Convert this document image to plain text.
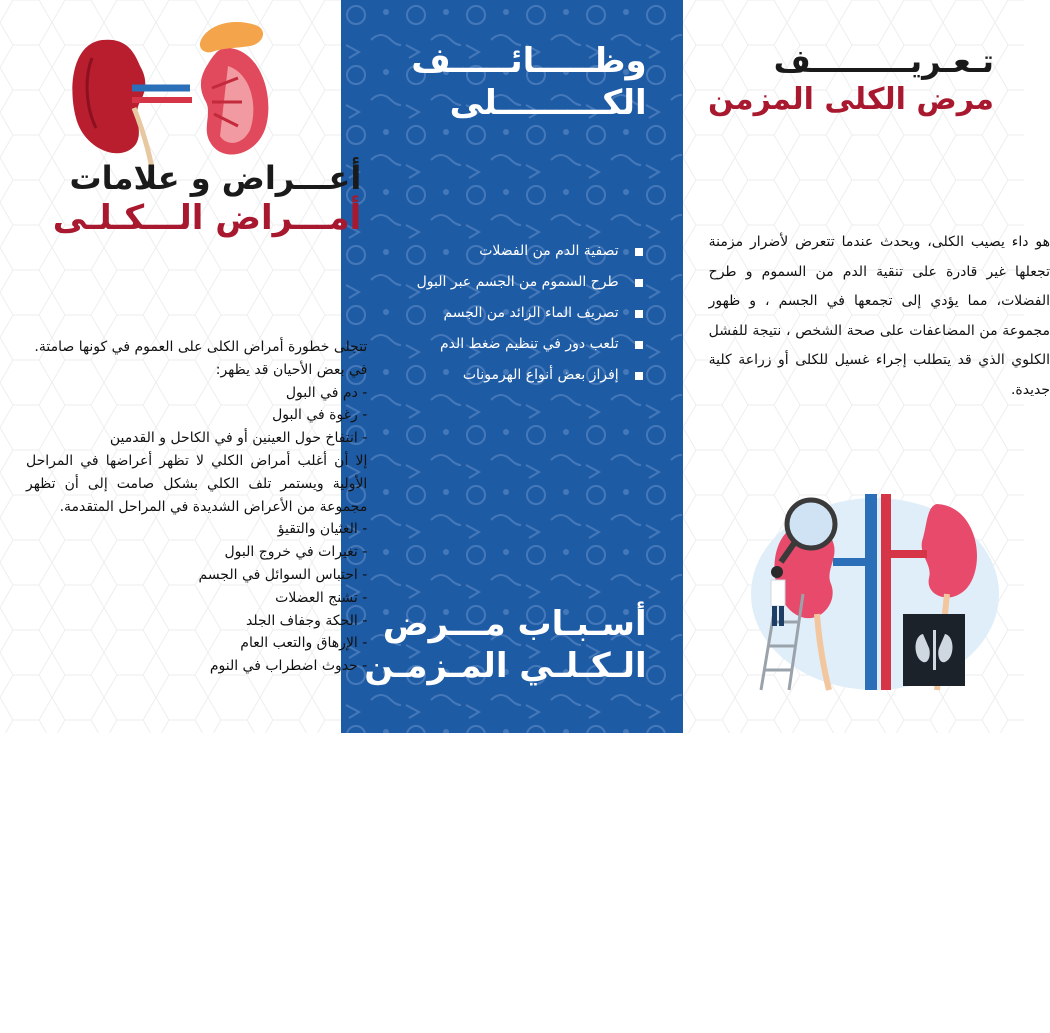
أعـــراض و علامات
أمـــراض الـــكـلـى

تتجلى خطورة أمراض الكلى على العموم في كونها صامتة.

في بعض الأحيان قد يظهر:

- دم في البول

- رغوة في البول

- انتفاخ حول العينين أو في الكاحل و القدمين

إلا أن أغلب أمراض الكلي لا تظهر أعراضها في المراحل الأولية ويستمر تلف الكلي بشكل صامت إلى أن تظهر مجموعة من الأعراض الشديدة في المراحل المتقدمة.

- الغثيان والتقيؤ

- تغيرات في خروج البول

- احتباس السوائل في الجسم

- تشنج العضلات

- الحكة وجفاف الجلد

- الإرهاق والتعب العام

- حدوث اضطراب في النوم

وظـــــائـــــف
الكـــــــــلى
تصفية الدم من الفضلات
طرح السموم من الجسم عبر البول
تصريف الماء الزائد من الجسم
تلعب دور في تنظيم ضغط الدم
إفراز بعض أنواع الهرمونات
أسـبـاب مـــرض
الـكـلـي المـزمـن
داء السكري
ارتفاع ضغط الدم
إلتهاب الكلى المزمن
انسداد المجاري البولية المزمن
الناتج عن أمراض أخرى مثل حصى
الكلي وتضخم البروستات
وبعض أنواع السرطان.
تـعـريـــــــــف
مرض الكلى المزمن
هو داء يصيب الكلى، ويحدث عندما تتعرض لأضرار مزمنة تجعلها غير قادرة على تنقية الدم من السموم و طرح الفضلات، مما يؤدي إلى تجمعها في الجسم ، و ظهور مجموعة من المضاعفات على صحة الشخص ، نتيجة للفشل الكلوي الذي قد يتطلب إجراء غسيل للكلى أو زراعة كلية جديدة.
